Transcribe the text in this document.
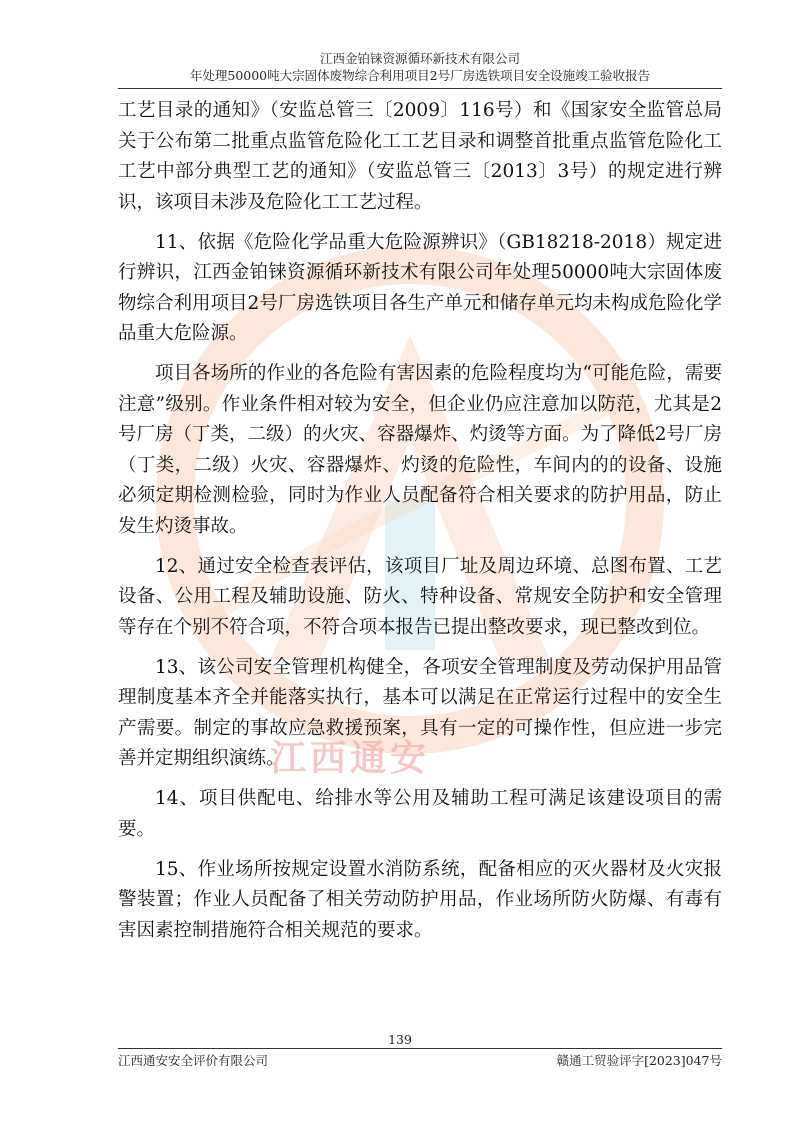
江西金铂铼资源循环新技术有限公司
年处理50000吨大宗固体废物综合利用项目2号厂房选铁项目安全设施竣工验收报告
江西通安

工艺目录的通知》（安监总管三〔2009〕116号）和《国家安全监管总局关于公布第二批重点监管危险化工工艺目录和调整首批重点监管危险化工工艺中部分典型工艺的通知》（安监总管三〔2013〕3号）的规定进行辨识，该项目未涉及危险化工工艺过程。

11、依据《危险化学品重大危险源辨识》（GB18218-2018）规定进行辨识，江西金铂铼资源循环新技术有限公司年处理50000吨大宗固体废物综合利用项目2号厂房选铁项目各生产单元和储存单元均未构成危险化学品重大危险源。

项目各场所的作业的各危险有害因素的危险程度均为“可能危险，需要注意”级别。作业条件相对较为安全，但企业仍应注意加以防范，尤其是2号厂房（丁类，二级）的火灾、容器爆炸、灼烫等方面。为了降低2号厂房（丁类，二级）火灾、容器爆炸、灼烫的危险性，车间内的的设备、设施必须定期检测检验，同时为作业人员配备符合相关要求的防护用品，防止发生灼烫事故。

12、通过安全检查表评估，该项目厂址及周边环境、总图布置、工艺设备、公用工程及辅助设施、防火、特种设备、常规安全防护和安全管理等存在个别不符合项，不符合项本报告已提出整改要求，现已整改到位。

13、该公司安全管理机构健全，各项安全管理制度及劳动保护用品管理制度基本齐全并能落实执行，基本可以满足在正常运行过程中的安全生产需要。制定的事故应急救援预案，具有一定的可操作性，但应进一步完善并定期组织演练。

14、项目供配电、给排水等公用及辅助工程可满足该建设项目的需要。

15、作业场所按规定设置水消防系统，配备相应的灭火器材及火灾报警装置；作业人员配备了相关劳动防护用品，作业场所防火防爆、有毒有害因素控制措施符合相关规范的要求。

139
江西通安安全评价有限公司	赣通工贸验评字[2023]047号
